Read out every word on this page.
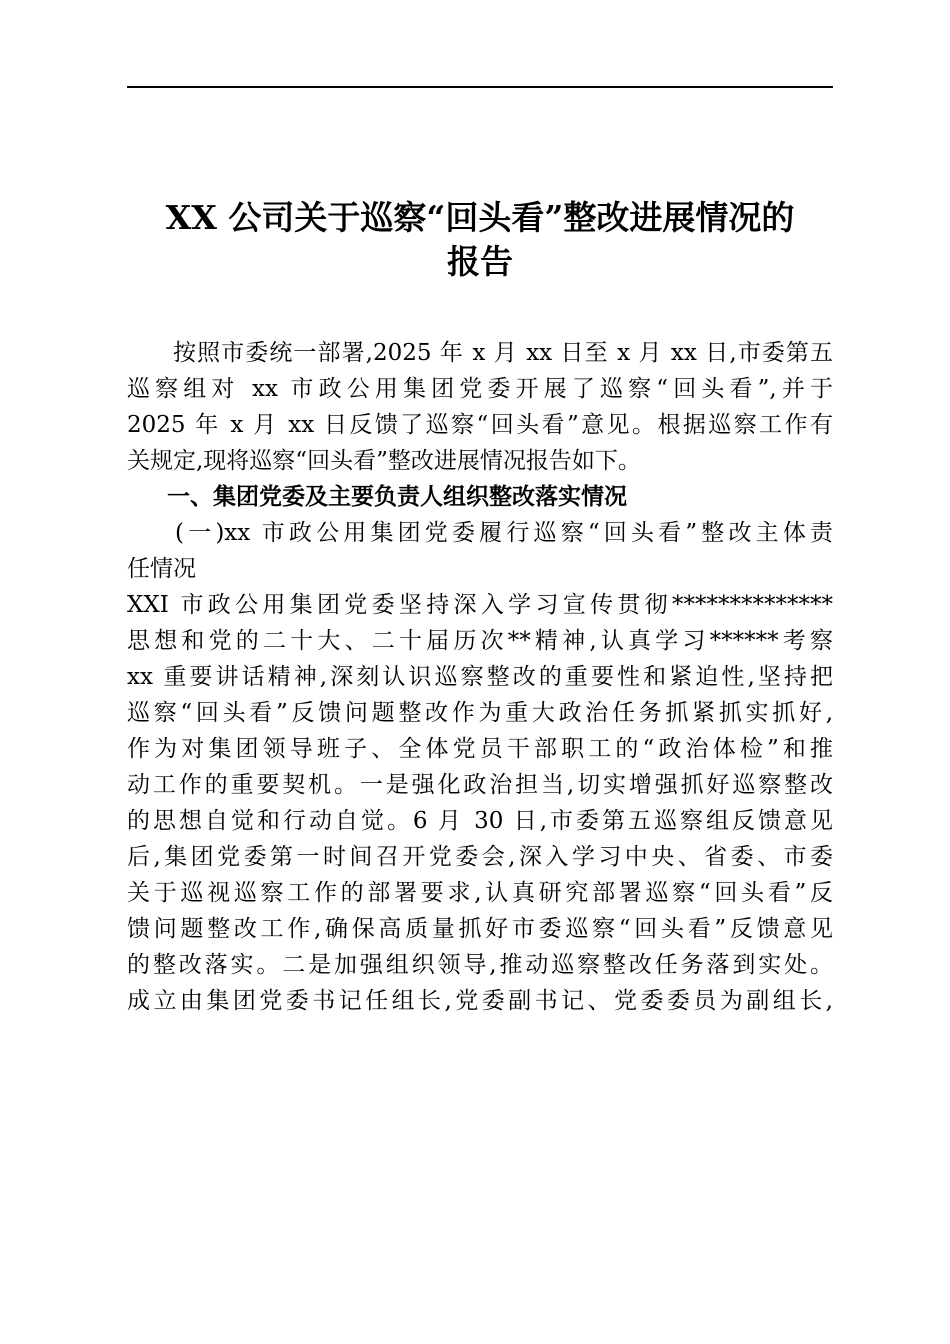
XX 公司关于巡察“回头看”整改进展情况的
报告
按照市委统一部署,2025 年 x 月 xx 日至 x 月 xx 日,市委第五
巡察组对 xx 市政公用集团党委开展了巡察“回头看”,并于
2025 年 x 月 xx 日反馈了巡察“回头看”意见。根据巡察工作有
关规定,现将巡察“回头看”整改进展情况报告如下。
一、集团党委及主要负责人组织整改落实情况
(一)xx 市政公用集团党委履行巡察“回头看”整改主体责
任情况
XXI 市政公用集团党委坚持深入学习宣传贯彻**************
思想和党的二十大、二十届历次**精神,认真学习******考察
xx 重要讲话精神,深刻认识巡察整改的重要性和紧迫性,坚持把
巡察“回头看”反馈问题整改作为重大政治任务抓紧抓实抓好,
作为对集团领导班子、全体党员干部职工的“政治体检”和推
动工作的重要契机。一是强化政治担当,切实增强抓好巡察整改
的思想自觉和行动自觉。6 月 30 日,市委第五巡察组反馈意见
后,集团党委第一时间召开党委会,深入学习中央、省委、市委
关于巡视巡察工作的部署要求,认真研究部署巡察“回头看”反
馈问题整改工作,确保高质量抓好市委巡察“回头看”反馈意见
的整改落实。二是加强组织领导,推动巡察整改任务落到实处。
成立由集团党委书记任组长,党委副书记、党委委员为副组长,
